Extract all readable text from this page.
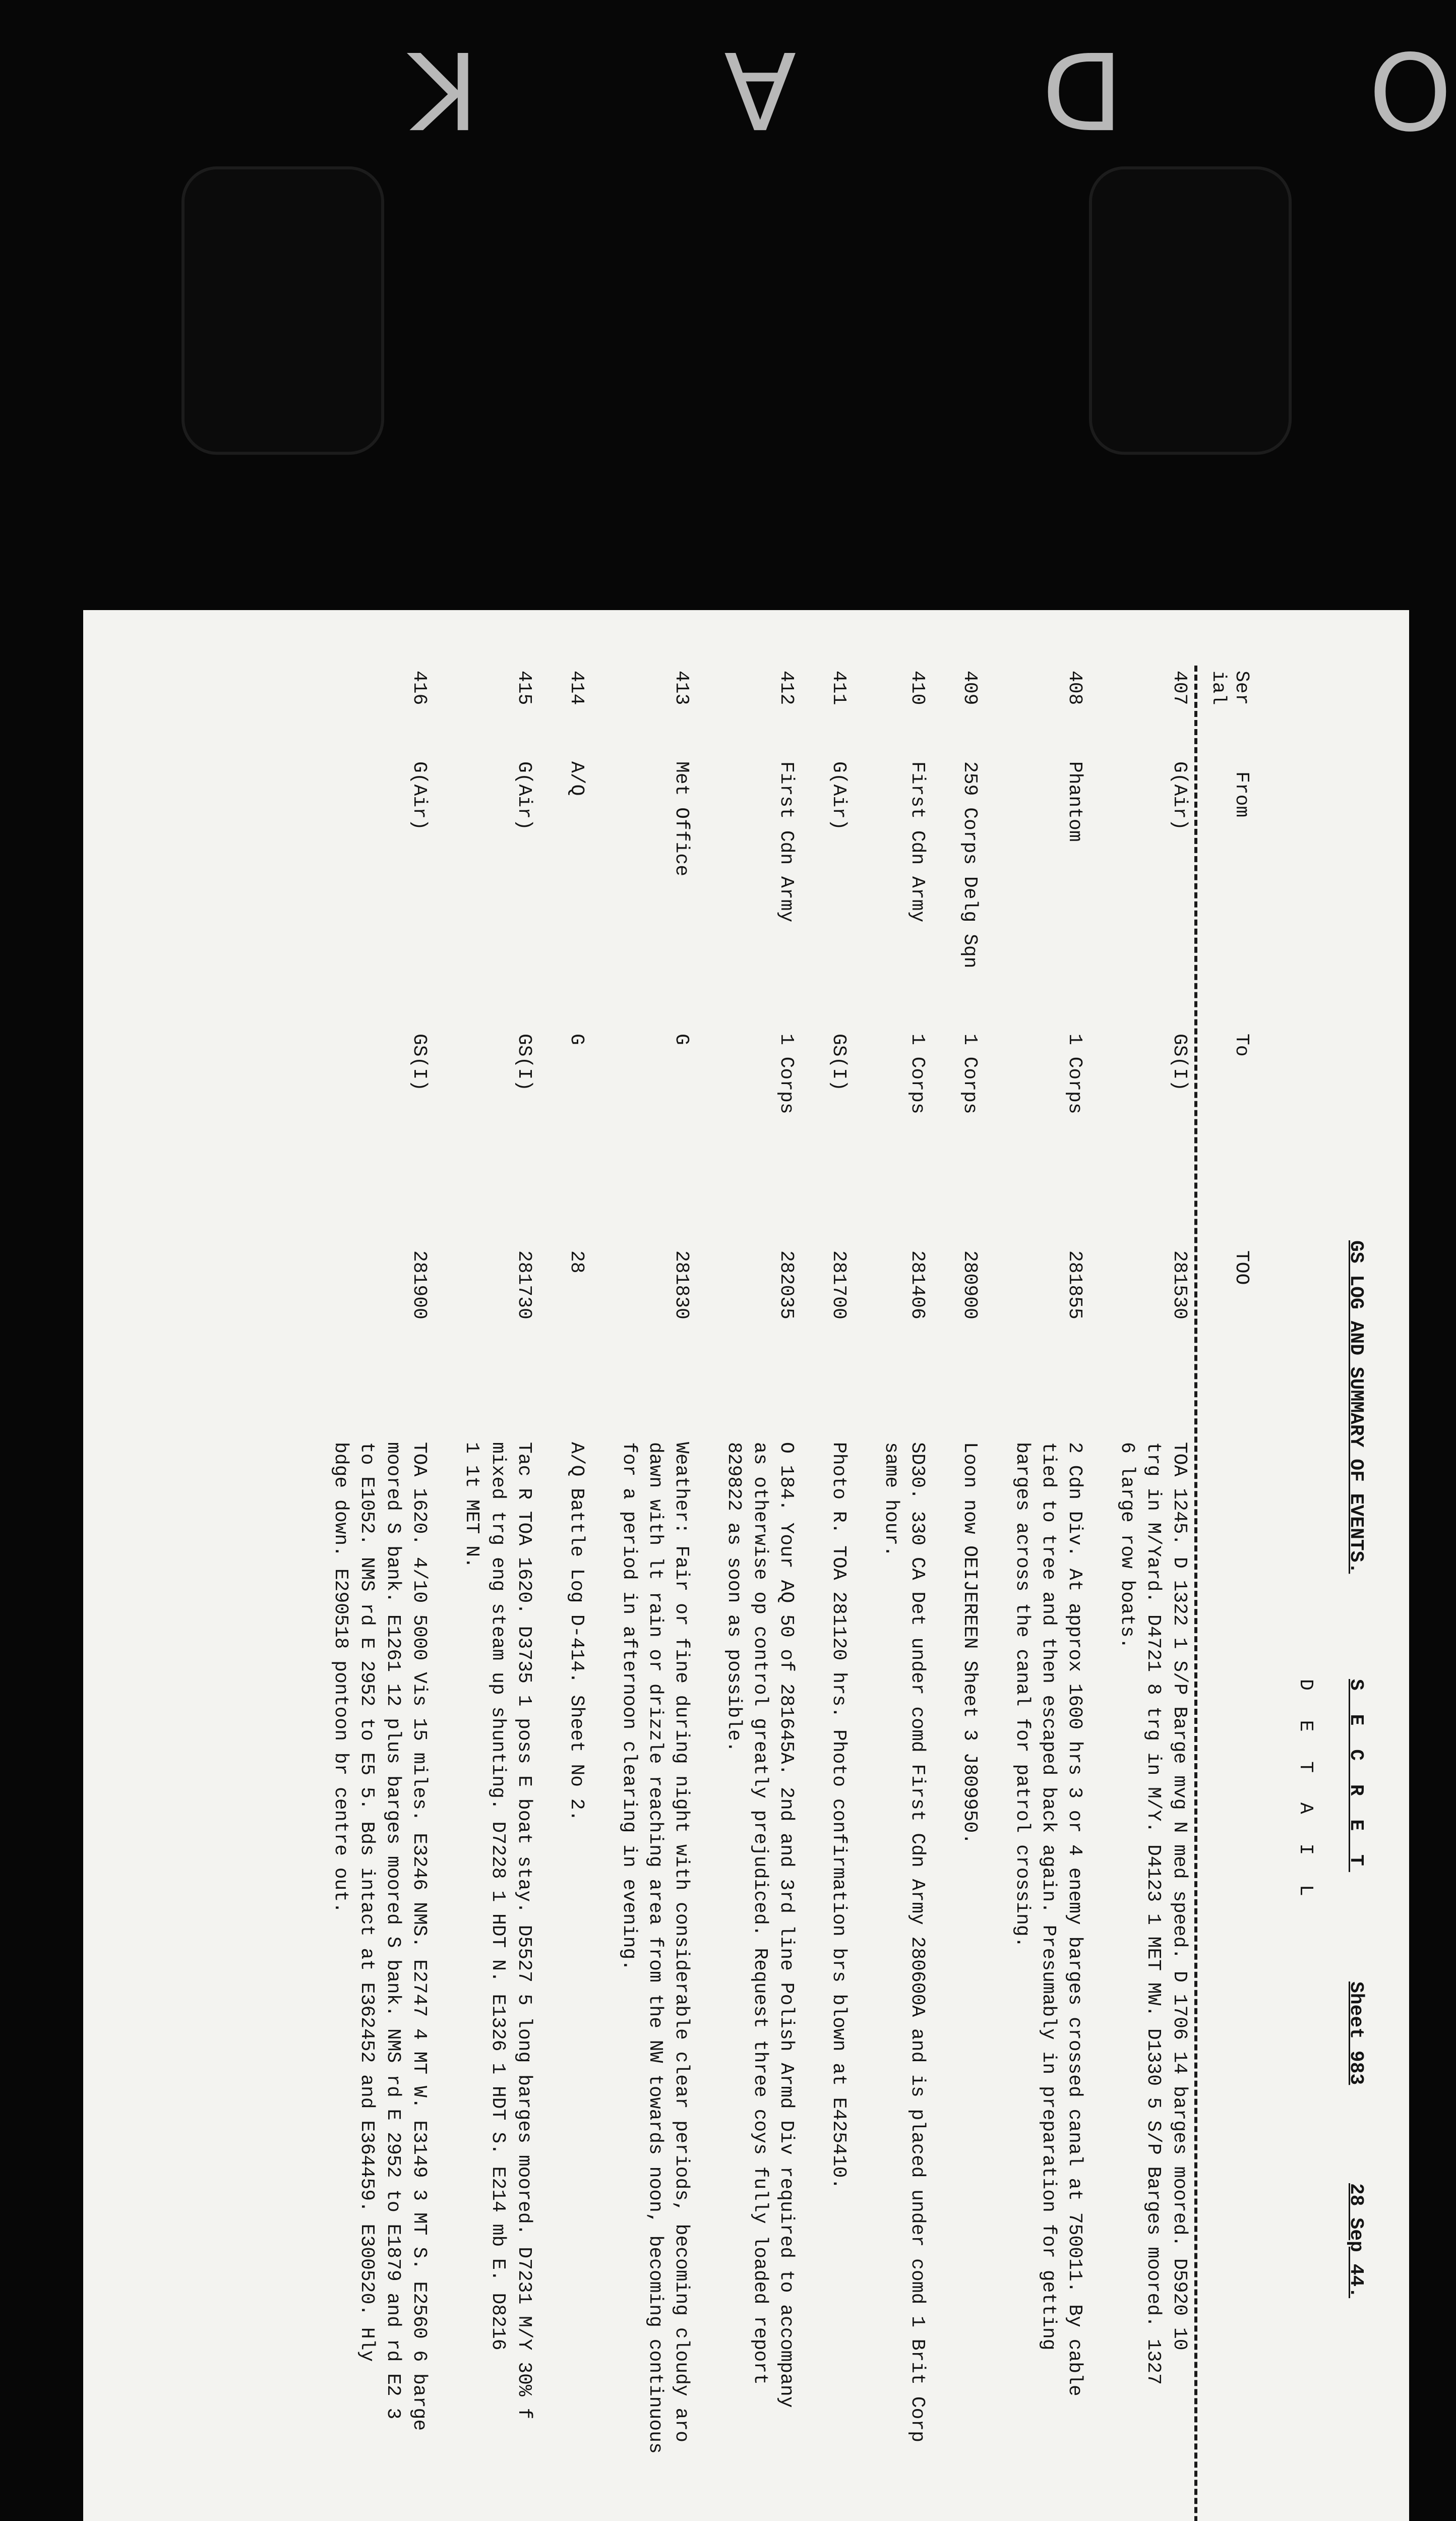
O D A K
GS LOG AND SUMMARY OF EVENTS.
S E C R E T
Sheet 983
28 Sep 44.
D E T A I L
Ser
ial
From
To
TOO
407
G(Air)
GS(I)
281530
TOA 1245. D 1322 1 S/P Barge mvg N med speed. D 1706 14 barges moored. D5920 10
trg in M/Yard. D4721 8 trg in M/Y. D4123 1 MET MW. D1330 5 S/P Barges moored. 1327
6 large row boats.
408
Phantom
1 Corps
281855
2 Cdn Div. At approx 1600 hrs 3 or 4 enemy barges crossed canal at 750011. By cable
tied to tree and then escaped back again. Presumably in preparation for getting
barges across the canal for patrol crossing.
409
259 Corps Delg Sqn
1 Corps
280900
Loon now OEIJEREEN Sheet 3 J809950.
410
First Cdn Army
1 Corps
281406
SD30. 330 CA Det under comd First Cdn Army 280600A and is placed under comd 1 Brit Corp
same hour.
411
G(Air)
GS(I)
281700
Photo R. TOA 281120 hrs. Photo confirmation brs blown at E425410.
412
First Cdn Army
1 Corps
282035
O 184. Your AQ 50 of 281645A. 2nd and 3rd line Polish Armd Div required to accompany
as otherwise op control greatly prejudiced. Request three coys fully loaded report
829822 as soon as possible.
413
Met Office
G
281830
Weather: Fair or fine during night with considerable clear periods, becoming cloudy aro
dawn with lt rain or drizzle reaching area from the NW towards noon, becoming continuous
for a period in afternoon clearing in evening.
414
A/Q
G
28
A/Q Battle Log D-414. Sheet No 2.
415
G(Air)
GS(I)
281730
Tac R TOA 1620. D3735 1 poss E boat stay. D5527 5 long barges moored. D7231 M/Y 30% f
mixed trg eng steam up shunting. D7228 1 HDT N. E1326 1 HDT S. E214 mb E. D8216
1 1t MET N.
416
G(Air)
GS(I)
281900
TOA 1620. 4/10 5000 Vis 15 miles. E3246 NMS. E2747 4 MT W. E3149 3 MT S. E2560 6 barge
moored S bank. E1261 12 plus barges moored S bank. NMS rd E 2952 to E1879 and rd E2 3
to E1052. NMS rd E 2952 to E5 5. Bds intact at E362452 and E364459. E300520. Hly
bdge down. E290518 pontoon br centre out.
